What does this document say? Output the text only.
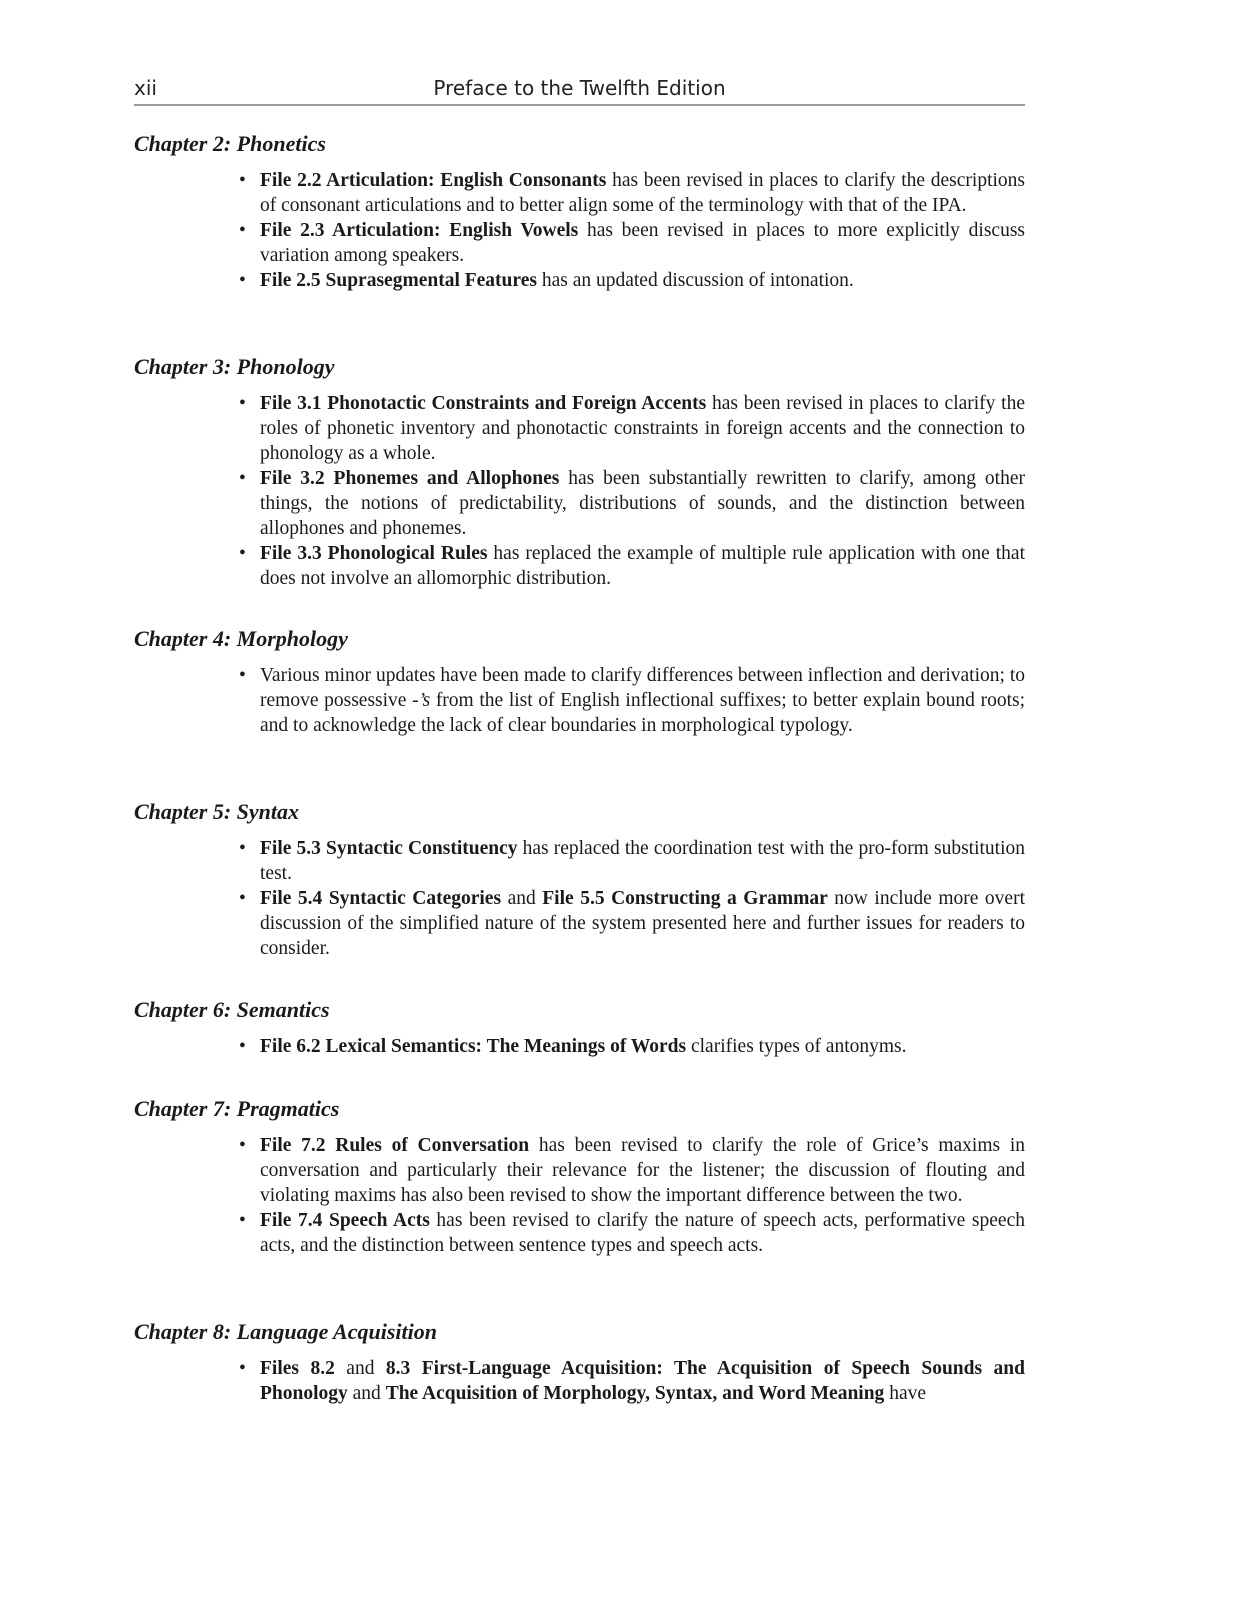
xii	Preface to the Twelfth Edition
Chapter 2: Phonetics
• File 2.2 Articulation: English Consonants has been revised in places to clarify the descriptions of consonant articulations and to better align some of the terminology with that of the IPA.
• File 2.3 Articulation: English Vowels has been revised in places to more explicitly discuss variation among speakers.
• File 2.5 Suprasegmental Features has an updated discussion of intonation.
Chapter 3: Phonology
• File 3.1 Phonotactic Constraints and Foreign Accents has been revised in places to clarify the roles of phonetic inventory and phonotactic constraints in foreign accents and the connection to phonology as a whole.
• File 3.2 Phonemes and Allophones has been substantially rewritten to clarify, among other things, the notions of predictability, distributions of sounds, and the distinction between allophones and phonemes.
• File 3.3 Phonological Rules has replaced the example of multiple rule application with one that does not involve an allomorphic distribution.
Chapter 4: Morphology
• Various minor updates have been made to clarify differences between inflection and derivation; to remove possessive -’s from the list of English inflectional suffixes; to better explain bound roots; and to acknowledge the lack of clear boundaries in morphological typology.
Chapter 5: Syntax
• File 5.3 Syntactic Constituency has replaced the coordination test with the pro-form substitution test.
• File 5.4 Syntactic Categories and File 5.5 Constructing a Grammar now include more overt discussion of the simplified nature of the system presented here and further issues for readers to consider.
Chapter 6: Semantics
• File 6.2 Lexical Semantics: The Meanings of Words clarifies types of antonyms.
Chapter 7: Pragmatics
• File 7.2 Rules of Conversation has been revised to clarify the role of Grice’s maxims in conversation and particularly their relevance for the listener; the discussion of flouting and violating maxims has also been revised to show the important difference between the two.
• File 7.4 Speech Acts has been revised to clarify the nature of speech acts, performative speech acts, and the distinction between sentence types and speech acts.
Chapter 8: Language Acquisition
• Files 8.2 and 8.3 First-Language Acquisition: The Acquisition of Speech Sounds and Phonology and The Acquisition of Morphology, Syntax, and Word Meaning have
